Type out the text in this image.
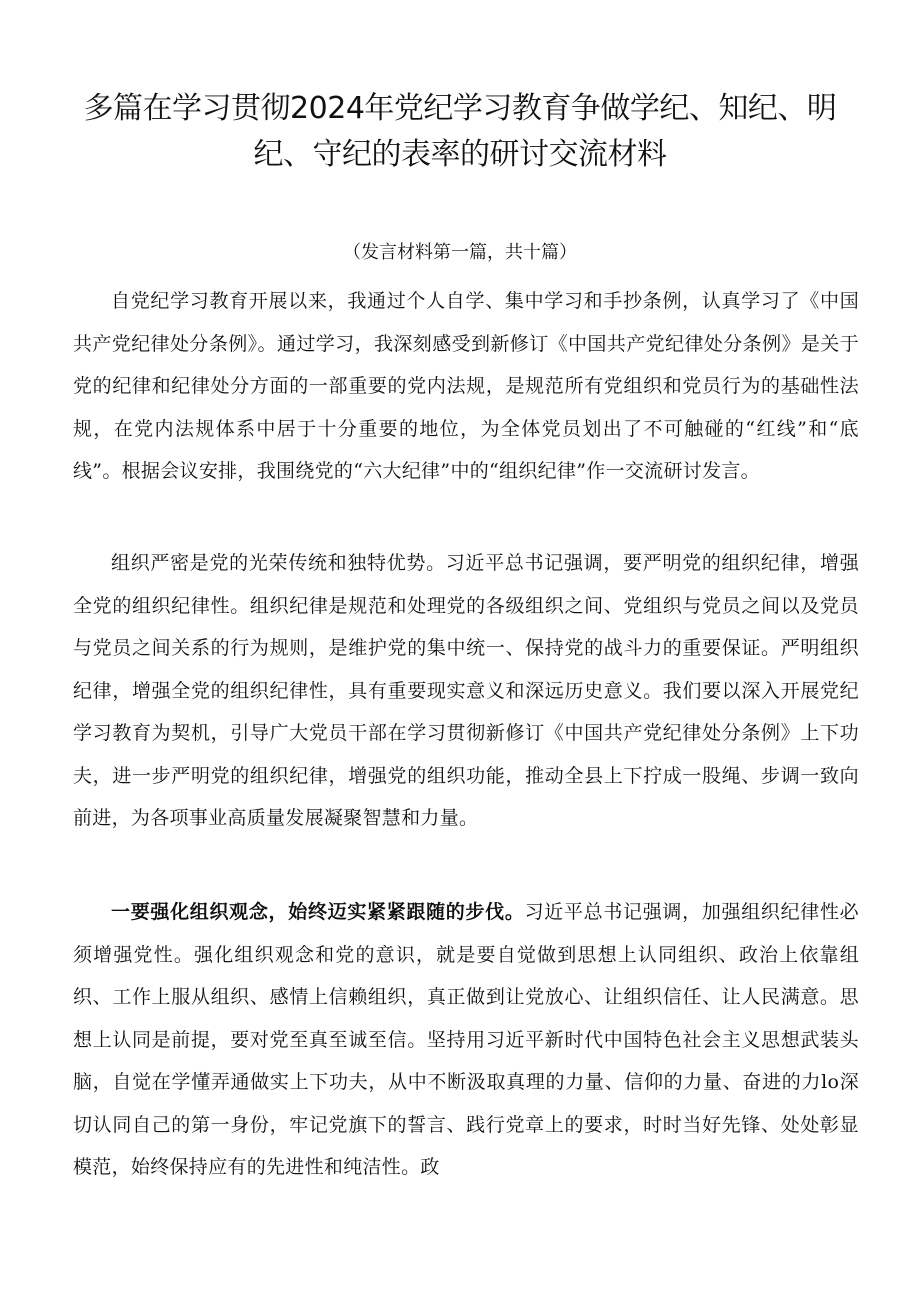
多篇在学习贯彻2024年党纪学习教育争做学纪、知纪、明纪、守纪的表率的研讨交流材料
（发言材料第一篇，共十篇）

自党纪学习教育开展以来，我通过个人自学、集中学习和手抄条例，认真学习了《中国共产党纪律处分条例》。通过学习，我深刻感受到新修订《中国共产党纪律处分条例》是关于党的纪律和纪律处分方面的一部重要的党内法规，是规范所有党组织和党员行为的基础性法规，在党内法规体系中居于十分重要的地位，为全体党员划出了不可触碰的“红线”和“底线”。根据会议安排，我围绕党的“六大纪律”中的“组织纪律”作一交流研讨发言。

组织严密是党的光荣传统和独特优势。习近平总书记强调，要严明党的组织纪律，增强全党的组织纪律性。组织纪律是规范和处理党的各级组织之间、党组织与党员之间以及党员与党员之间关系的行为规则，是维护党的集中统一、保持党的战斗力的重要保证。严明组织纪律，增强全党的组织纪律性，具有重要现实意义和深远历史意义。我们要以深入开展党纪学习教育为契机，引导广大党员干部在学习贯彻新修订《中国共产党纪律处分条例》上下功夫，进一步严明党的组织纪律，增强党的组织功能，推动全县上下拧成一股绳、步调一致向前进，为各项事业高质量发展凝聚智慧和力量。

一要强化组织观念，始终迈实紧紧跟随的步伐。习近平总书记强调，加强组织纪律性必须增强党性。强化组织观念和党的意识，就是要自觉做到思想上认同组织、政治上依靠组织、工作上服从组织、感情上信赖组织，真正做到让党放心、让组织信任、让人民满意。思想上认同是前提，要对党至真至诚至信。坚持用习近平新时代中国特色社会主义思想武装头脑，自觉在学懂弄通做实上下功夫，从中不断汲取真理的力量、信仰的力量、奋进的力lo深切认同自己的第一身份，牢记党旗下的誓言、践行党章上的要求，时时当好先锋、处处彰显模范，始终保持应有的先进性和纯洁性。政
